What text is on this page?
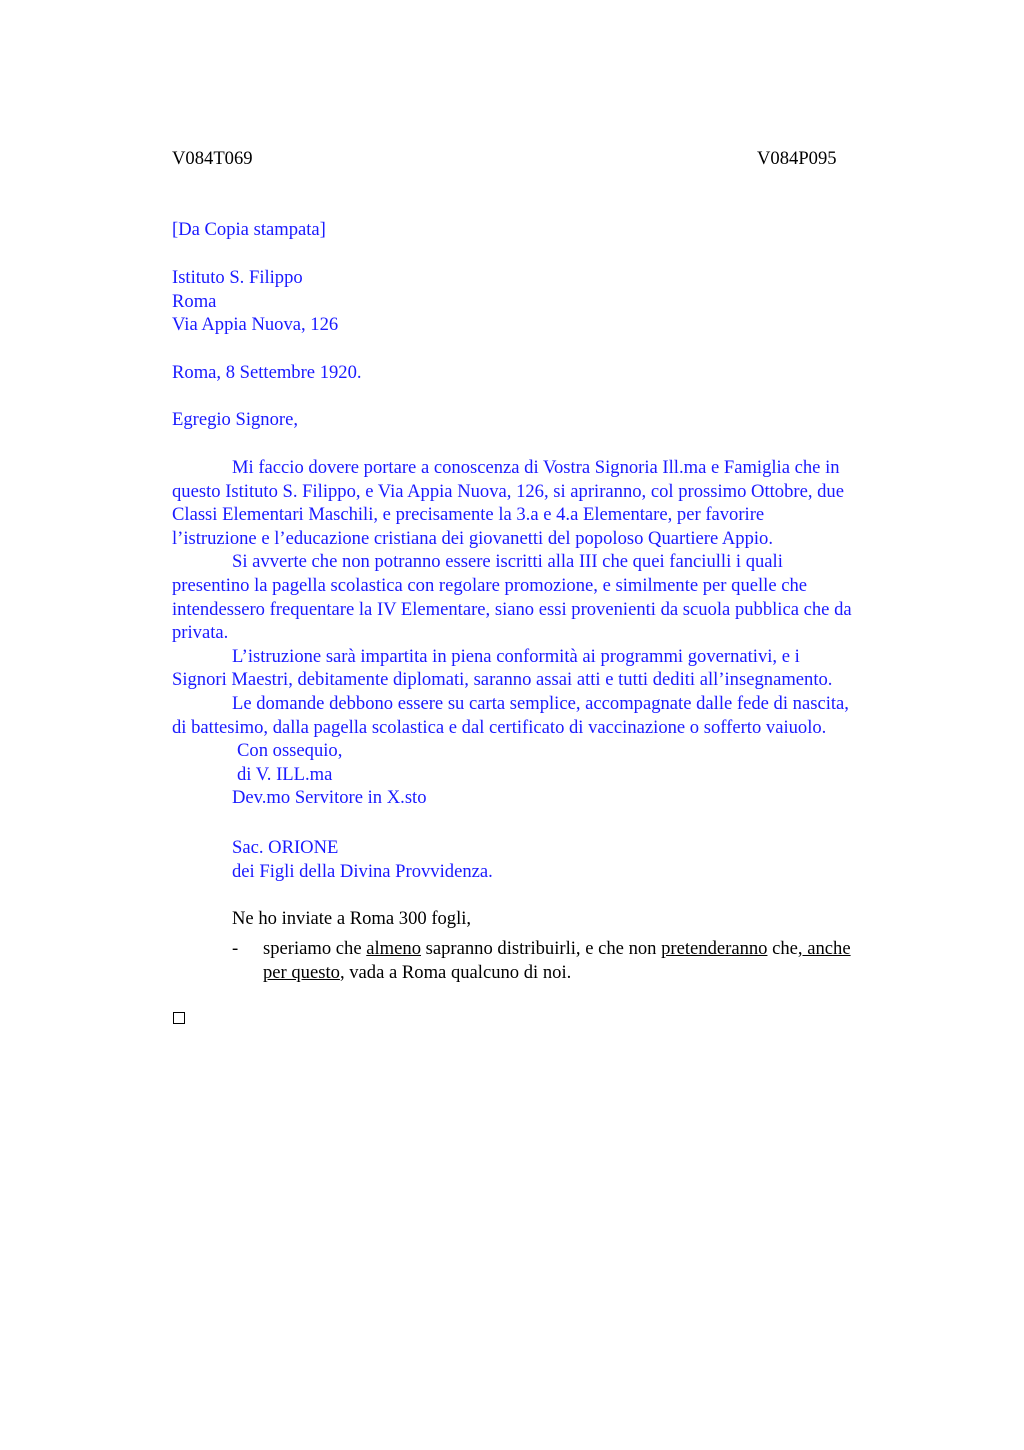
V084T069	V084P095
[Da Copia stampata]
Istituto S. Filippo
Roma
Via Appia Nuova, 126
Roma, 8 Settembre 1920.
Egregio Signore,
Mi faccio dovere portare a conoscenza di Vostra Signoria Ill.ma e Famiglia che in
questo Istituto S. Filippo, e Via Appia Nuova, 126, si apriranno, col prossimo Ottobre, due
Classi Elementari Maschili, e precisamente la 3.a e 4.a Elementare, per favorire
l’istruzione e l’educazione cristiana dei giovanetti del popoloso Quartiere Appio.
Si avverte che non potranno essere iscritti alla III che quei fanciulli i quali
presentino la pagella scolastica con regolare promozione, e similmente per quelle che
intendessero frequentare la IV Elementare, siano essi provenienti da scuola pubblica che da
privata.
L’istruzione sarà impartita in piena conformità ai programmi governativi, e i
Signori Maestri, debitamente diplomati, saranno assai atti e tutti dediti all’insegnamento.
Le domande debbono essere su carta semplice, accompagnate dalle fede di nascita,
di battesimo, dalla pagella scolastica e dal certificato di vaccinazione o sofferto vaiuolo.
Con ossequio,
di V. ILL.ma
Dev.mo Servitore in X.sto
Sac. ORIONE
dei Figli della Divina Provvidenza.
Ne ho inviate a Roma 300 fogli,
- speriamo che almeno sapranno distribuirli, e che non pretenderanno che, anche
per questo, vada a Roma qualcuno di noi.
